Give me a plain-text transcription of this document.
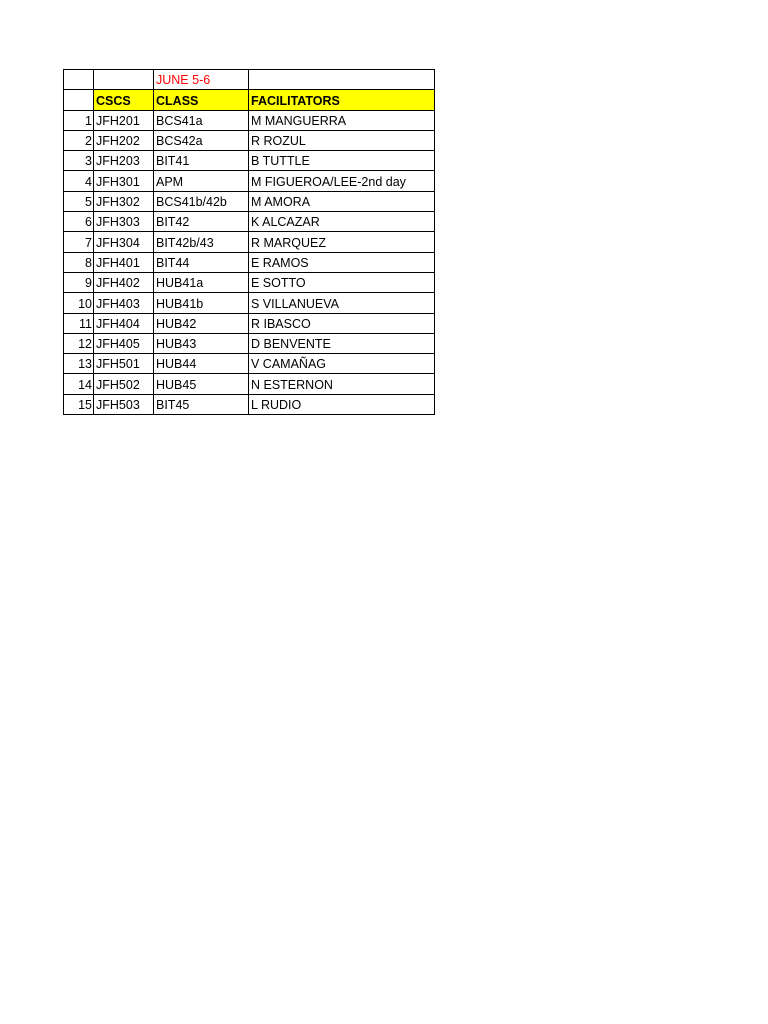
		JUNE 5-6	
	CSCS	CLASS	FACILITATORS
1	JFH201	BCS41a	M MANGUERRA
2	JFH202	BCS42a	R ROZUL
3	JFH203	BIT41	B TUTTLE
4	JFH301	APM	M FIGUEROA/LEE-2nd day
5	JFH302	BCS41b/42b	M AMORA
6	JFH303	BIT42	K ALCAZAR
7	JFH304	BIT42b/43	R MARQUEZ
8	JFH401	BIT44	E RAMOS
9	JFH402	HUB41a	E SOTTO
10	JFH403	HUB41b	S VILLANUEVA
11	JFH404	HUB42	R IBASCO
12	JFH405	HUB43	D BENVENTE
13	JFH501	HUB44	V CAMAÑAG
14	JFH502	HUB45	N ESTERNON
15	JFH503	BIT45	L RUDIO
